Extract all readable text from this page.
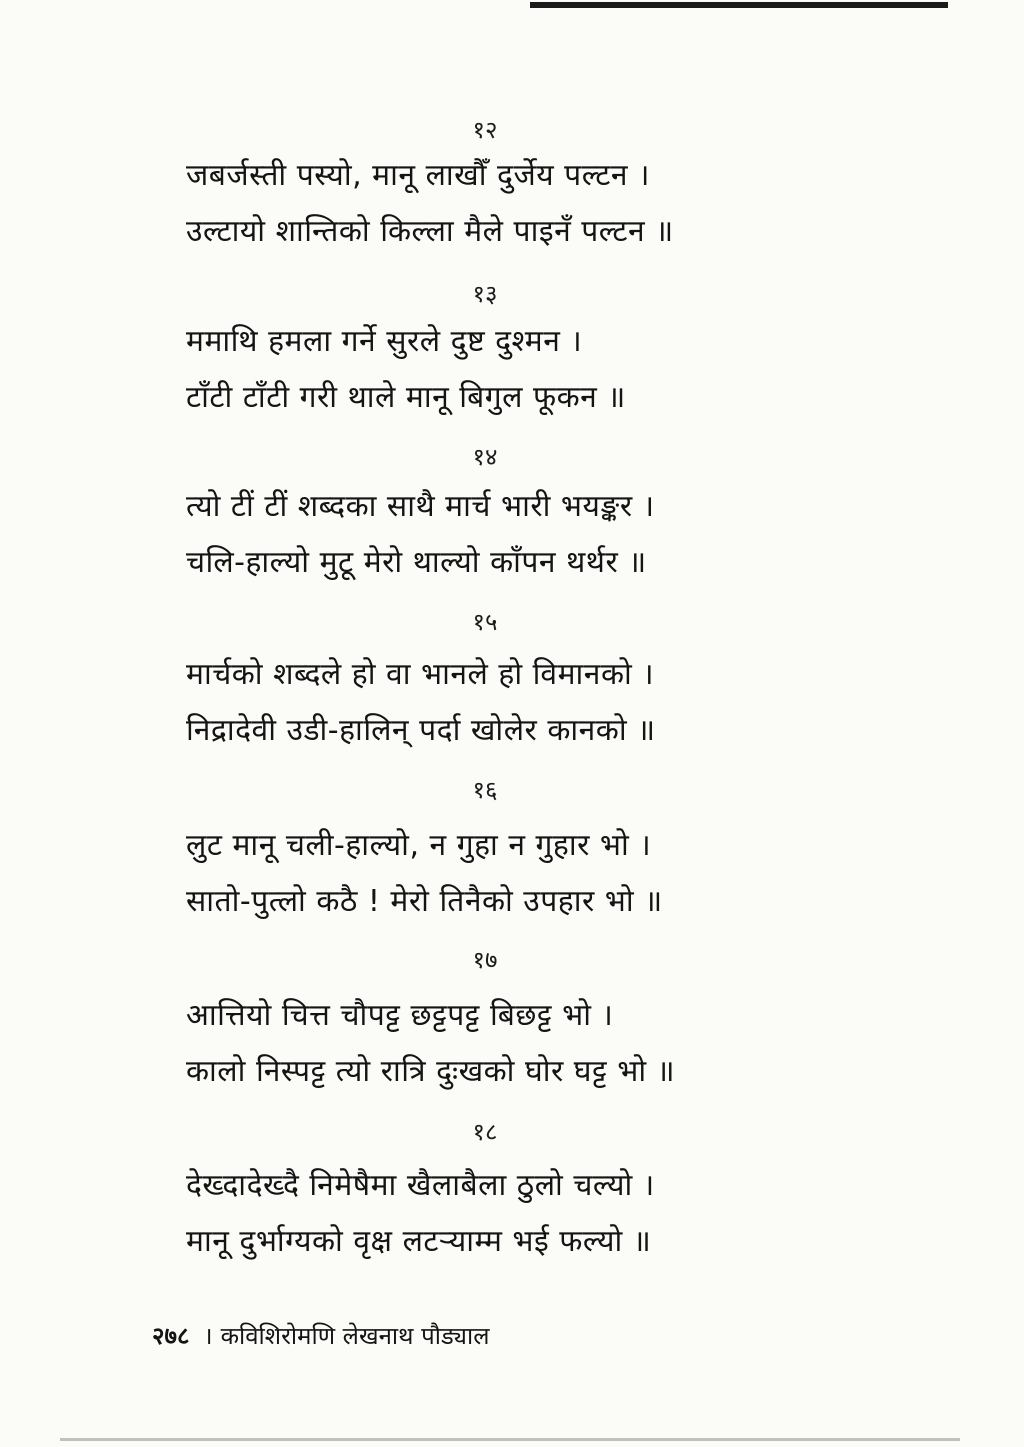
१२
जबर्जस्ती पस्यो, मानू लाखौँ दुर्जेय पल्टन ।
उल्टायो शान्तिको किल्ला मैले पाइनँ पल्टन ॥
१३
ममाथि हमला गर्ने सुरले दुष्ट दुश्मन ।
टाँटी टाँटी गरी थाले मानू बिगुल फूकन ॥
१४
त्यो टीं टीं शब्दका साथै मार्च भारी भयङ्कर ।
चलि-हाल्यो मुटू मेरो थाल्यो काँपन थर्थर ॥
१५
मार्चको शब्दले हो वा भानले हो विमानको ।
निद्रादेवी उडी-हालिन् पर्दा खोलेर कानको ॥
१६
लुट मानू चली-हाल्यो, न गुहा न गुहार भो ।
सातो-पुत्लो कठै ! मेरो तिनैको उपहार भो ॥
१७
आत्तियो चित्त चौपट्ट छट्टपट्ट बिछट्ट भो ।
कालो निस्पट्ट त्यो रात्रि दुःखको घोर घट्ट भो ॥
१८
देख्दादेख्दै निमेषैमा खैलाबैला ठुलो चल्यो ।
मानू दुर्भाग्यको वृक्ष लटऱ्याम्म भई फल्यो ॥
२७८ । कविशिरोमणि लेखनाथ पौड्याल
